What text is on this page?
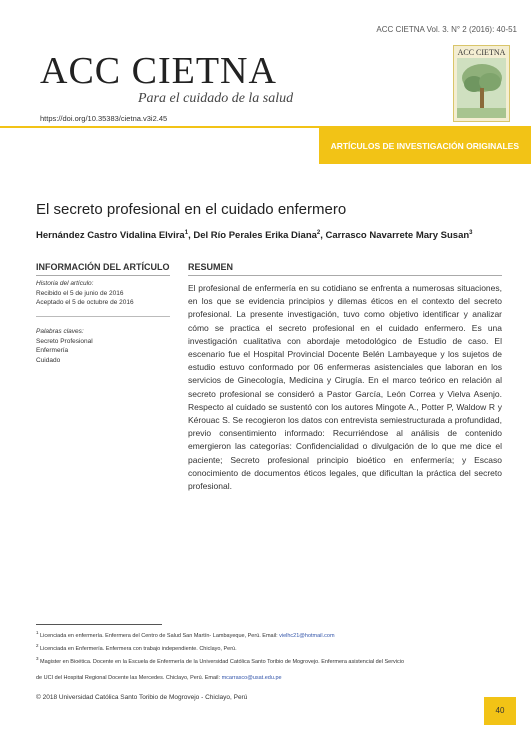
ACC CIETNA Vol. 3. N° 2 (2016): 40-51
ACC CIETNA
Para el cuidado de la salud
ACC CIETNA
https://doi.org/10.35383/cietna.v3i2.45
ARTÍCULOS DE INVESTIGACIÓN ORIGINALES
El secreto profesional en el cuidado enfermero
Hernández Castro Vidalina Elvira$^1$, Del Río Perales Erika Diana$^2$, Carrasco Navarrete Mary Susan$^3$
INFORMACIÓN DEL ARTÍCULO RESUMEN
Historia del artículo:
Recibido el 5 de junio de 2016
Aceptado el 5 de octubre de 2016
Palabras claves:
Secreto Profesional
Enfermería
Cuidado
El profesional de enfermería en su cotidiano se enfrenta a numerosas situaciones, en los que se evidencia principios y dilemas éticos en el contexto del secreto profesional. La presente investigación, tuvo como objetivo identificar y analizar cómo se practica el secreto profesional en el cuidado enfermero. Es una investigación cualitativa con abordaje metodológico de Estudio de caso. El escenario fue el Hospital Provincial Docente Belén Lambayeque y los sujetos de estudio estuvo conformado por 06 enfermeras asistenciales que laboran en los servicios de Ginecología, Medicina y Cirugía. En el marco teórico en relación al secreto profesional se consideró a Pastor García, León Correa y Vielva Asenjo. Respecto al cuidado se sustentó con los autores Mingote A., Potter P, Waldow R y Kérouac S. Se recogieron los datos con entrevista semiestructurada a profundidad, previo consentimiento informado: Recurriéndose al análisis de contenido emergieron las categorías: Confidencialidad o divulgación de lo que me dice el paciente; Secreto profesional principio bioético en enfermería; y Escaso conocimiento de documentos éticos legales, que dificultan la práctica del secreto profesional.
$^1$ Licenciada en enfermería. Enfermera del Centro de Salud San Martín- Lambayeque, Perú. Email: vielhc21@hotmail.com
$^2$ Licenciada en Enfermería. Enfermera con trabajo independiente. Chiclayo, Perú.
$^3$ Magister en Bioética. Docente en la Escuela de Enfermería de la Universidad Católica Santo Toribio de Mogrovejo. Enfermera asistencial del Servicio
de UCI del Hospital Regional Docente las Mercedes. Chiclayo, Perú. Email: mcarrasco@usat.edu.pe
© 2018 Universidad Católica Santo Toribio de Mogrovejo - Chiclayo, Perú
40
